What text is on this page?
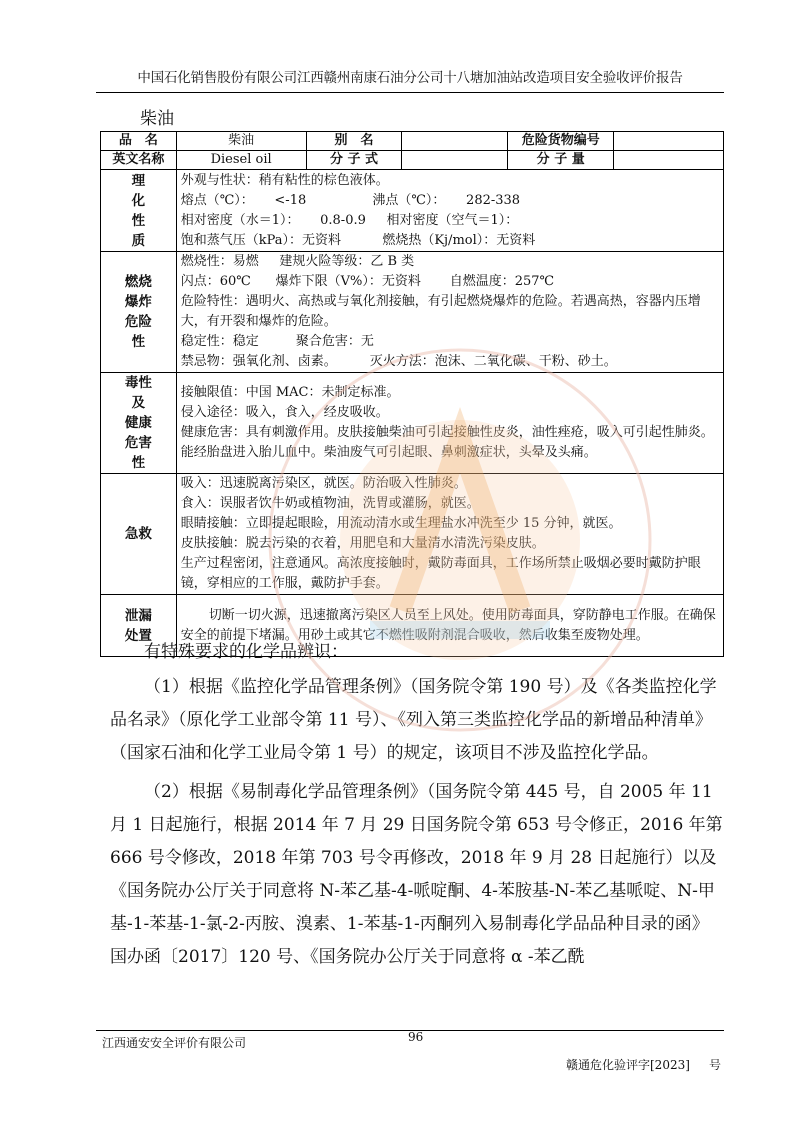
中国石化销售股份有限公司江西赣州南康石油分公司十八塘加油站改造项目安全验收评价报告
柴油
品　名	柴油	别　名		危险货物编号	
英文名称	Diesel oil	分 子 式		分 子 量	

理
化
性
质	外观与性状：稍有粘性的棕色液体。
熔点（℃）：     <-18                沸点（℃）：     282-338
相对密度（水＝1）：     0.8-0.9     相对密度（空气＝1）：
饱和蒸气压（kPa）：无资料          燃烧热（Kj/mol）：无资料				

燃烧
爆炸
危险
性	燃烧性：易燃     建规火险等级：乙 B 类
闪点：60℃      爆炸下限（V%）：无资料       自燃温度：257℃
危险特性：遇明火、高热或与氧化剂接触，有引起燃烧爆炸的危险。若遇高热，容器内压增大，有开裂和爆炸的危险。
稳定性：稳定         聚合危害：无
禁忌物：强氧化剂、卤素。        灭火方法：泡沫、二氧化碳、干粉、砂土。				

毒性
及
健康
危害
性	接触限值：中国 MAC：未制定标准。
侵入途径：吸入，食入，经皮吸收。
健康危害：具有刺激作用。皮肤接触柴油可引起接触性皮炎，油性痤疮，吸入可引起性肺炎。能经胎盘进入胎儿血中。柴油废气可引起眼、鼻刺激症状，头晕及头痛。				

急救	吸入：迅速脱离污染区，就医。防治吸入性肺炎。
食入：误服者饮牛奶或植物油，洗胃或灌肠，就医。
眼睛接触：立即提起眼睑，用流动清水或生理盐水冲洗至少 15 分钟，就医。
皮肤接触：脱去污染的衣着，用肥皂和大量清水清洗污染皮肤。
生产过程密闭，注意通风。高浓度接触时，戴防毒面具，工作场所禁止吸烟必要时戴防护眼镜，穿相应的工作服，戴防护手套。				

泄漏
处置	切断一切火源，迅速撤离污染区人员至上风处。使用防毒面具，穿防静电工作服。在确保安全的前提下堵漏。用砂土或其它不燃性吸附剂混合吸收，然后收集至废物处理。				

有特殊要求的化学品辨识：

（1）根据《监控化学品管理条例》（国务院令第 190 号）及《各类监控化学品名录》（原化学工业部令第 11 号）、《列入第三类监控化学品的新增品种清单》（国家石油和化学工业局令第 1 号）的规定，该项目不涉及监控化学品。

（2）根据《易制毒化学品管理条例》（国务院令第 445 号，自 2005 年 11 月 1 日起施行，根据 2014 年 7 月 29 日国务院令第 653 号令修正，2016 年第 666 号令修改，2018 年第 703 号令再修改，2018 年 9 月 28 日起施行）以及《国务院办公厅关于同意将 N-苯乙基-4-哌啶酮、4-苯胺基-N-苯乙基哌啶、N-甲基-1-苯基-1-氯-2-丙胺、溴素、1-苯基-1-丙酮列入易制毒化学品品种目录的函》国办函〔2017〕120 号、《国务院办公厅关于同意将 α -苯乙酰

江西通安安全评价有限公司	96
赣通危化验评字[2023]     号
